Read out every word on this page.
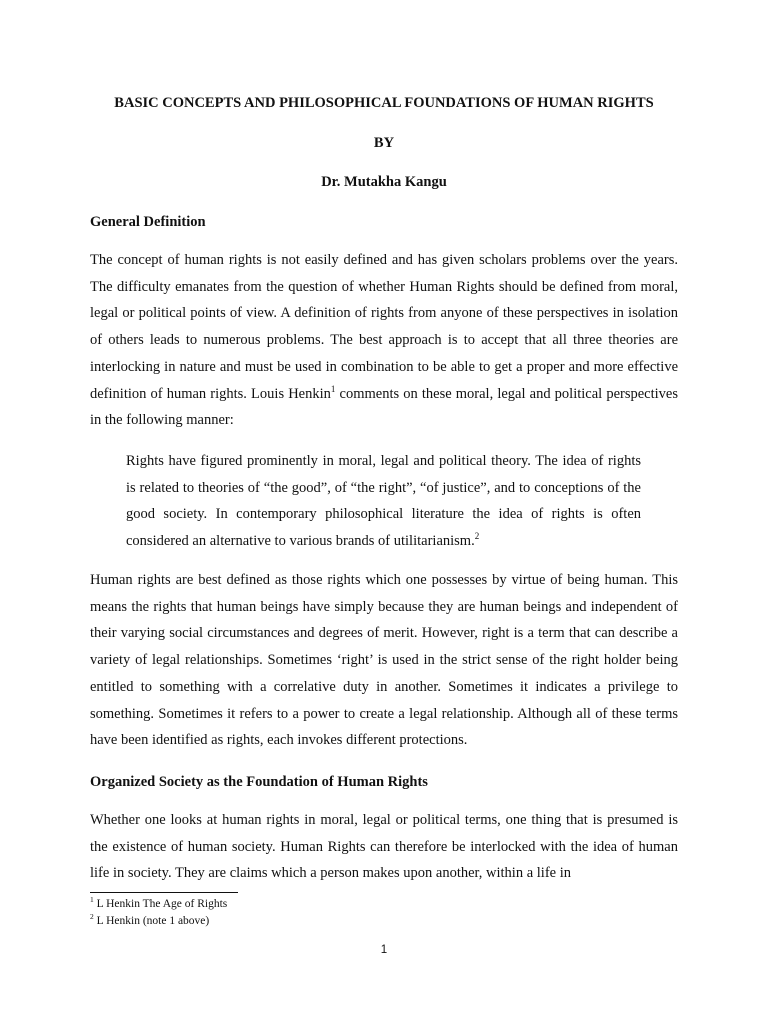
BASIC CONCEPTS AND PHILOSOPHICAL FOUNDATIONS OF HUMAN RIGHTS
BY
Dr. Mutakha Kangu
General Definition

The concept of human rights is not easily defined and has given scholars problems over the years. The difficulty emanates from the question of whether Human Rights should be defined from moral, legal or political points of view. A definition of rights from anyone of these perspectives in isolation of others leads to numerous problems. The best approach is to accept that all three theories are interlocking in nature and must be used in combination to be able to get a proper and more effective definition of human rights. Louis Henkin$^1$ comments on these moral, legal and political perspectives in the following manner:

Rights have figured prominently in moral, legal and political theory. The idea of rights is related to theories of “the good”, of “the right”, “of justice”, and to conceptions of the good society. In contemporary philosophical literature the idea of rights is often considered an alternative to various brands of utilitarianism.$^2$

Human rights are best defined as those rights which one possesses by virtue of being human. This means the rights that human beings have simply because they are human beings and independent of their varying social circumstances and degrees of merit. However, right is a term that can describe a variety of legal relationships. Sometimes ‘right’ is used in the strict sense of the right holder being entitled to something with a correlative duty in another. Sometimes it indicates a privilege to something. Sometimes it refers to a power to create a legal relationship. Although all of these terms have been identified as rights, each invokes different protections.

Organized Society as the Foundation of Human Rights

Whether one looks at human rights in moral, legal or political terms, one thing that is presumed is the existence of human society. Human Rights can therefore be interlocked with the idea of human life in society. They are claims which a person makes upon another, within a life in

$^1$ L Henkin The Age of Rights
$^2$ L Henkin (note 1 above)
1
